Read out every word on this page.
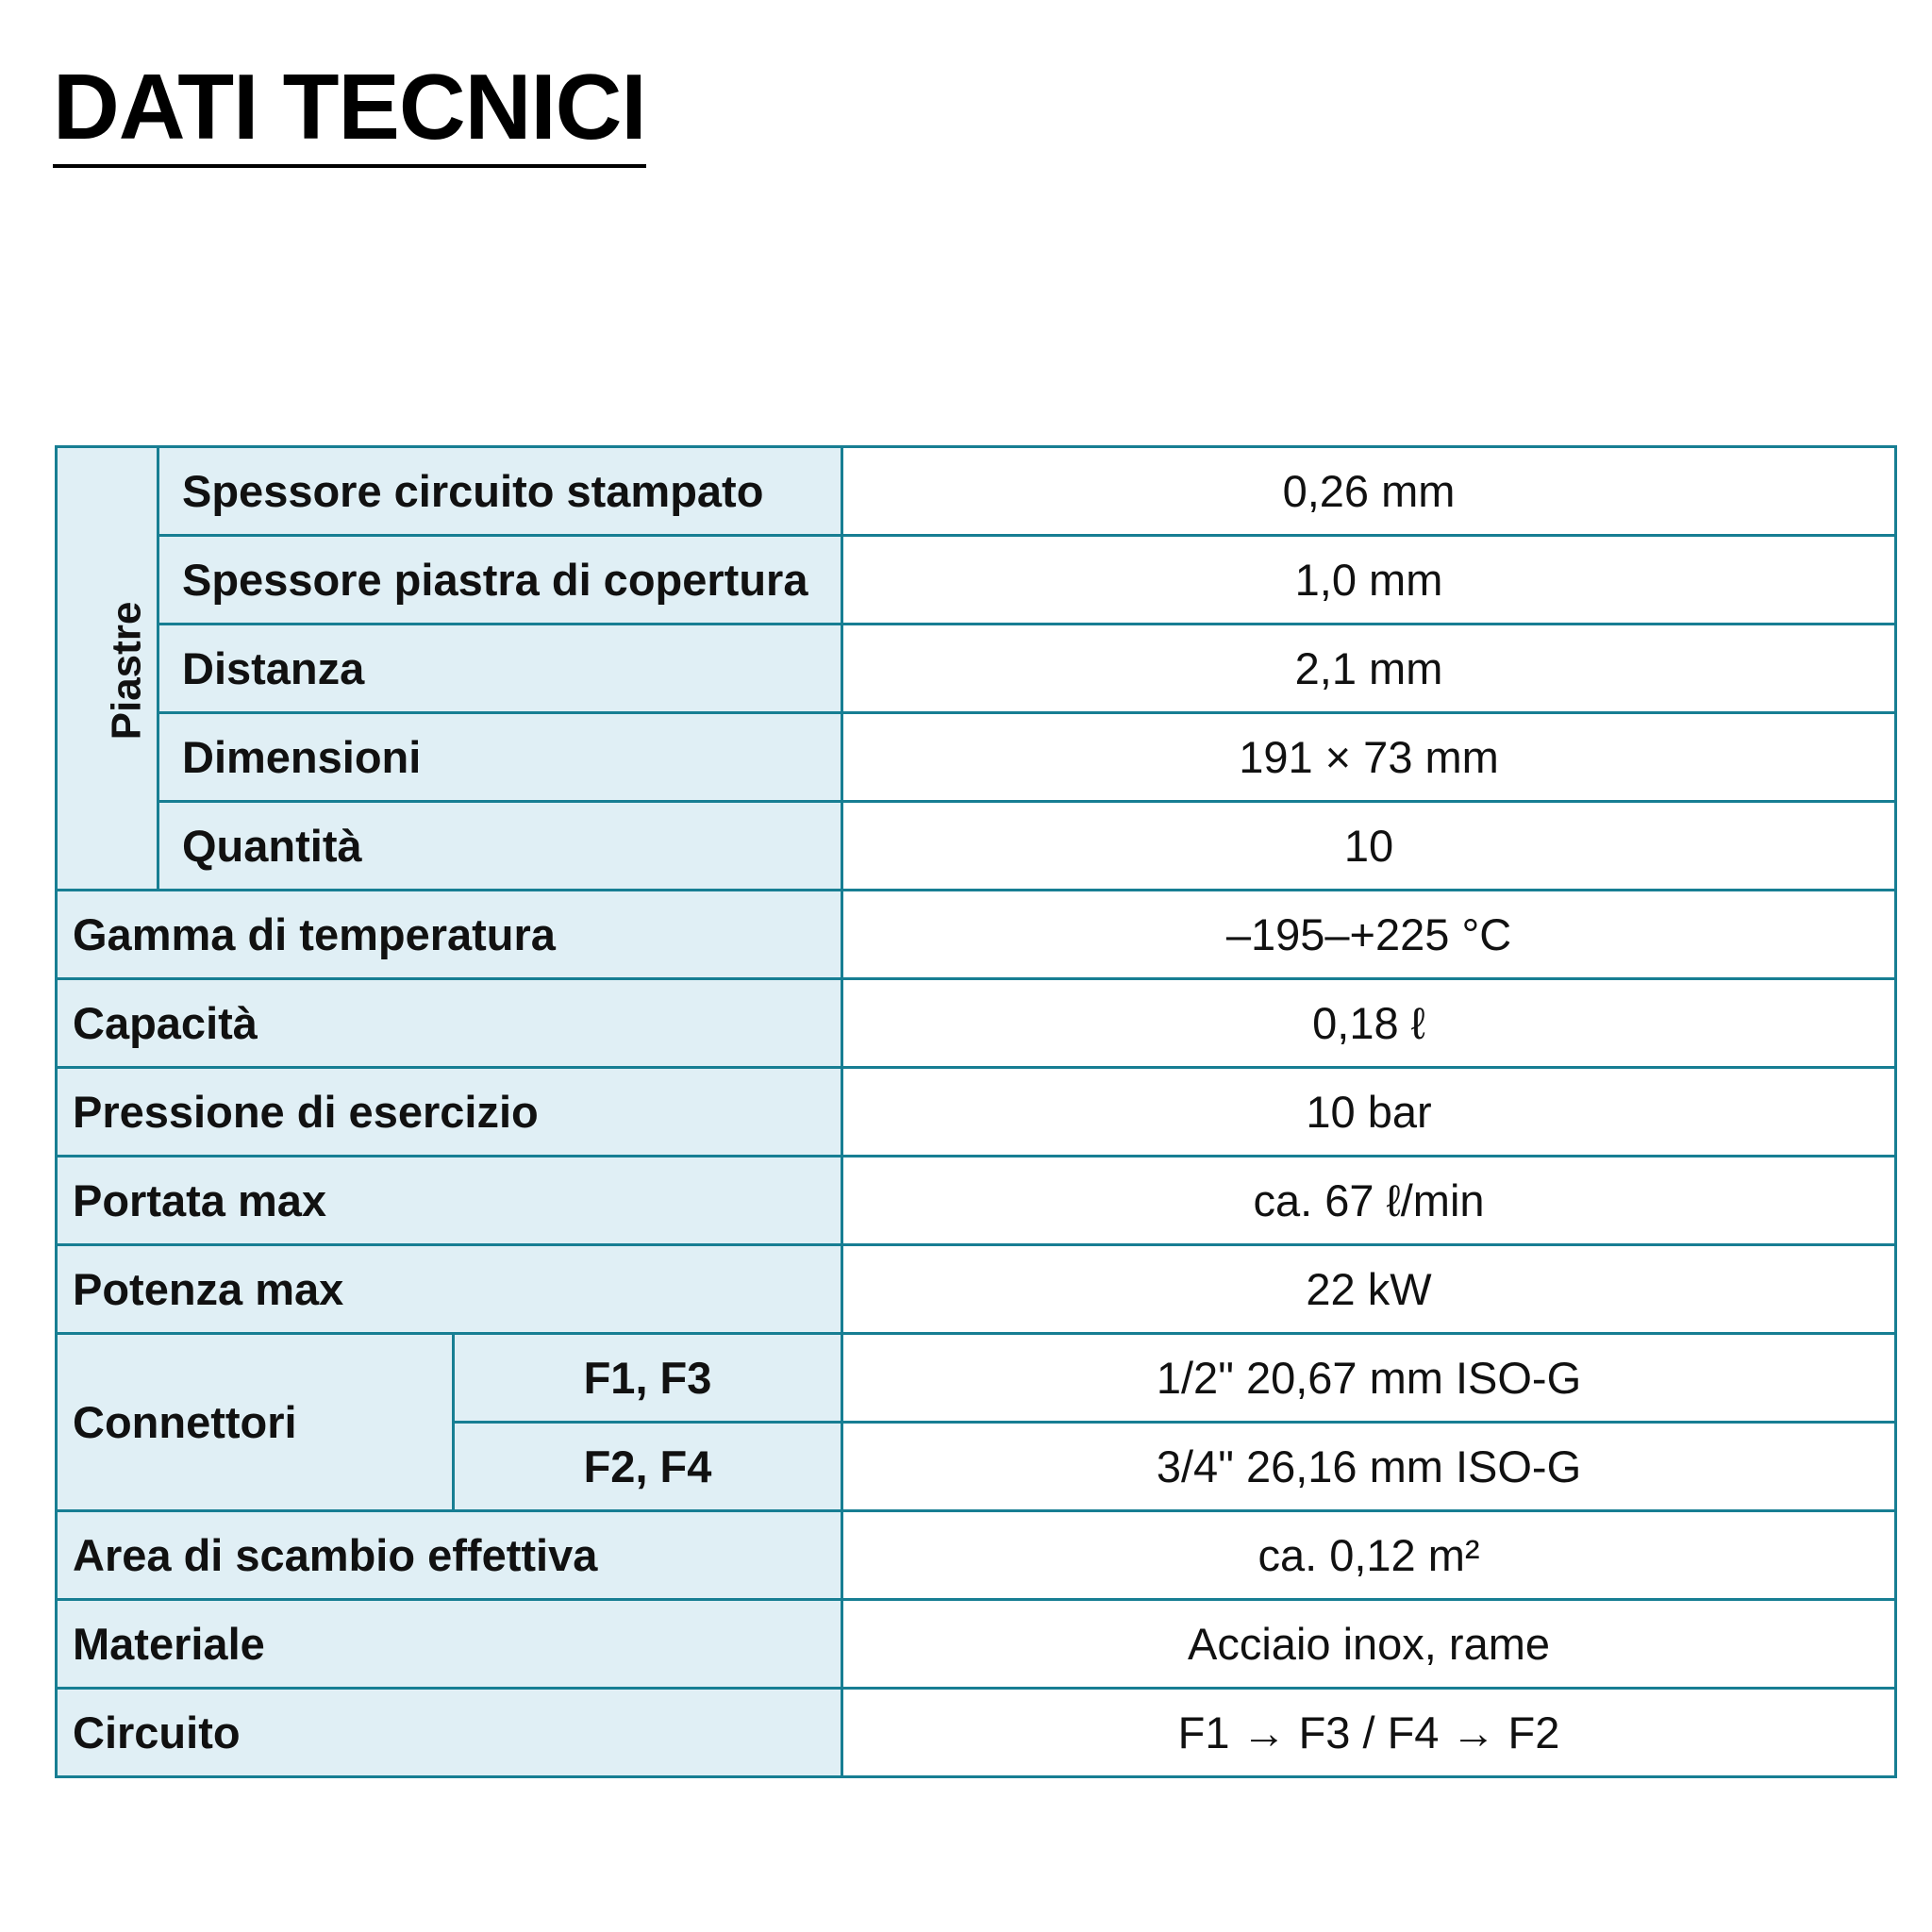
DATI TECNICI
Piastre	Spessore circuito stampato		0,26 mm
	Spessore piastra di copertura		1,0 mm
	Distanza		2,1 mm
	Dimensioni		191 × 73 mm
	Quantità		10
Gamma di temperatura			–195–+225 °C
Capacità			0,18 ℓ
Pressione di esercizio			10 bar
Portata max			ca. 67 ℓ/min
Potenza max			22 kW
Connettori		F1, F3	1/2" 20,67 mm ISO-G
		F2, F4	3/4" 26,16 mm ISO-G
Area di scambio effettiva			ca. 0,12 m²
Materiale			Acciaio inox, rame
Circuito			F1 → F3 / F4 → F2
